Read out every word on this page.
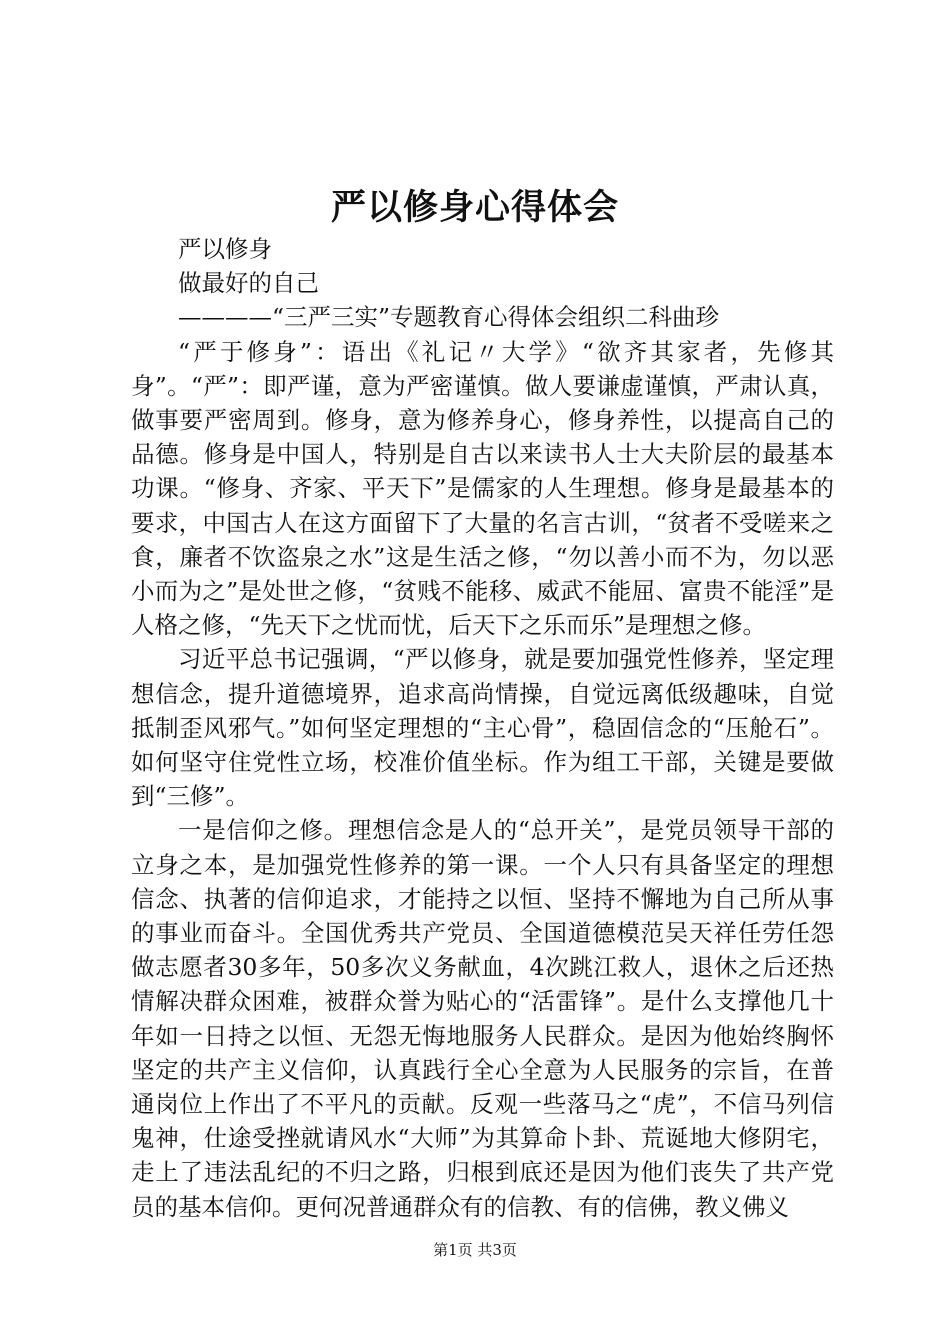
严以修身心得体会

严以修身

做最好的自己

————“三严三实”专题教育心得体会组织二科曲珍

“严于修身”：语出《礼记〃大学》“欲齐其家者，先修其身”。“严”：即严谨，意为严密谨慎。做人要谦虚谨慎，严肃认真，做事要严密周到。修身，意为修养身心，修身养性，以提高自己的品德。修身是中国人，特别是自古以来读书人士大夫阶层的最基本功课。“修身、齐家、平天下”是儒家的人生理想。修身是最基本的要求，中国古人在这方面留下了大量的名言古训，“贫者不受嗟来之食，廉者不饮盗泉之水”这是生活之修，“勿以善小而不为，勿以恶小而为之”是处世之修，“贫贱不能移、威武不能屈、富贵不能淫”是人格之修，“先天下之忧而忧，后天下之乐而乐”是理想之修。

习近平总书记强调，“严以修身，就是要加强党性修养，坚定理想信念，提升道德境界，追求高尚情操，自觉远离低级趣味，自觉抵制歪风邪气。”如何坚定理想的“主心骨”，稳固信念的“压舱石”。如何坚守住党性立场，校准价值坐标。作为组工干部，关键是要做到“三修”。

一是信仰之修。理想信念是人的“总开关”，是党员领导干部的立身之本，是加强党性修养的第一课。一个人只有具备坚定的理想信念、执著的信仰追求，才能持之以恒、坚持不懈地为自己所从事的事业而奋斗。全国优秀共产党员、全国道德模范吴天祥任劳任怨做志愿者30多年，50多次义务献血，4次跳江救人，退休之后还热情解决群众困难，被群众誉为贴心的“活雷锋”。是什么支撑他几十年如一日持之以恒、无怨无悔地服务人民群众。是因为他始终胸怀坚定的共产主义信仰，认真践行全心全意为人民服务的宗旨，在普通岗位上作出了不平凡的贡献。反观一些落马之“虎”，不信马列信鬼神，仕途受挫就请风水“大师”为其算命卜卦、荒诞地大修阴宅，走上了违法乱纪的不归之路，归根到底还是因为他们丧失了共产党员的基本信仰。更何况普通群众有的信教、有的信佛，教义佛义

第1页 共3页
